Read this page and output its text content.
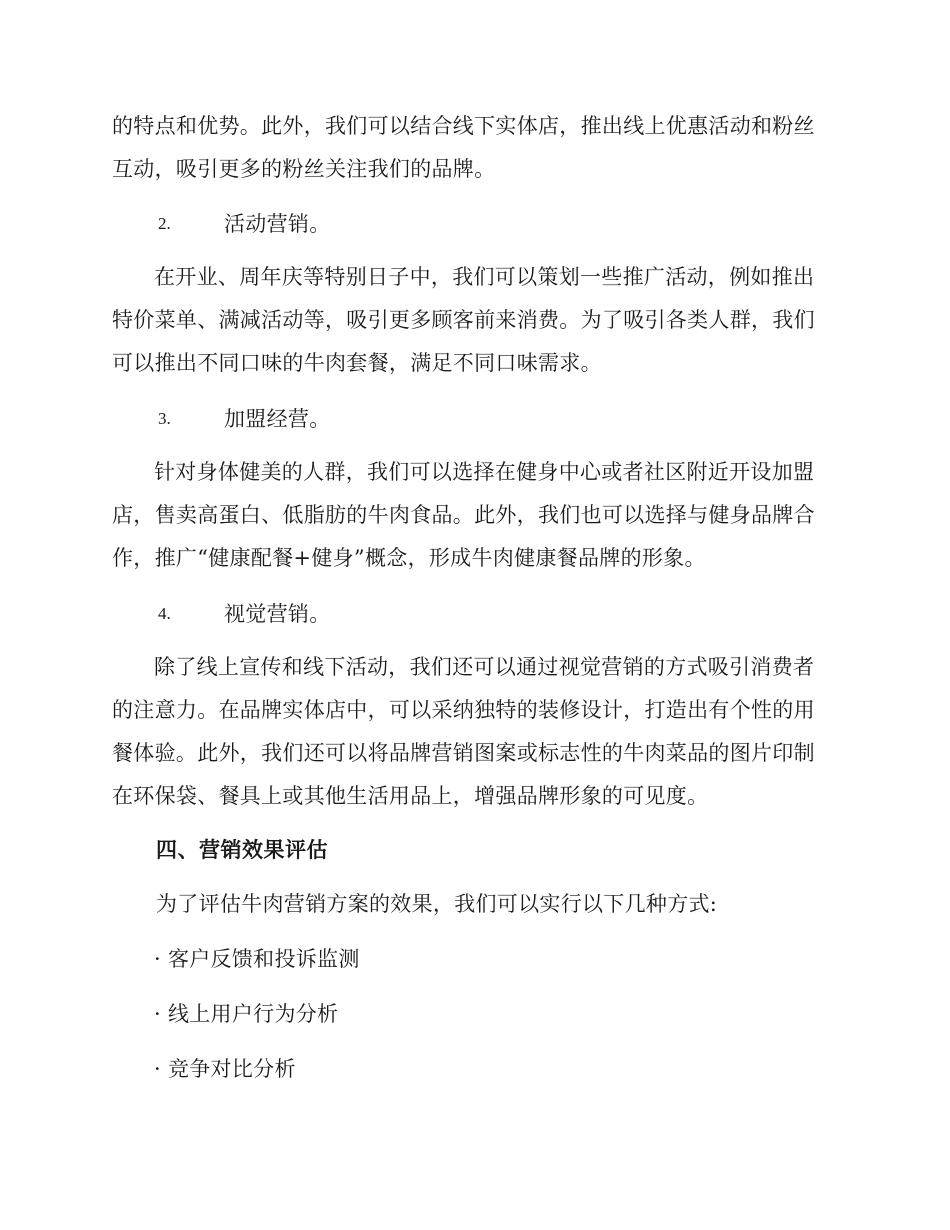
的特点和优势。此外，我们可以结合线下实体店，推出线上优惠活动和粉丝互动，吸引更多的粉丝关注我们的品牌。

2.	活动营销。

在开业、周年庆等特别日子中，我们可以策划一些推广活动，例如推出特价菜单、满减活动等，吸引更多顾客前来消费。为了吸引各类人群，我们可以推出不同口味的牛肉套餐，满足不同口味需求。

3.	加盟经营。

针对身体健美的人群，我们可以选择在健身中心或者社区附近开设加盟店，售卖高蛋白、低脂肪的牛肉食品。此外，我们也可以选择与健身品牌合作，推广“健康配餐+健身”概念，形成牛肉健康餐品牌的形象。

4.	视觉营销。

除了线上宣传和线下活动，我们还可以通过视觉营销的方式吸引消费者的注意力。在品牌实体店中，可以采纳独特的装修设计，打造出有个性的用餐体验。此外，我们还可以将品牌营销图案或标志性的牛肉菜品的图片印制在环保袋、餐具上或其他生活用品上，增强品牌形象的可见度。

四、营销效果评估
为了评估牛肉营销方案的效果，我们可以实行以下几种方式:
· 客户反馈和投诉监测
· 线上用户行为分析
· 竞争对比分析
